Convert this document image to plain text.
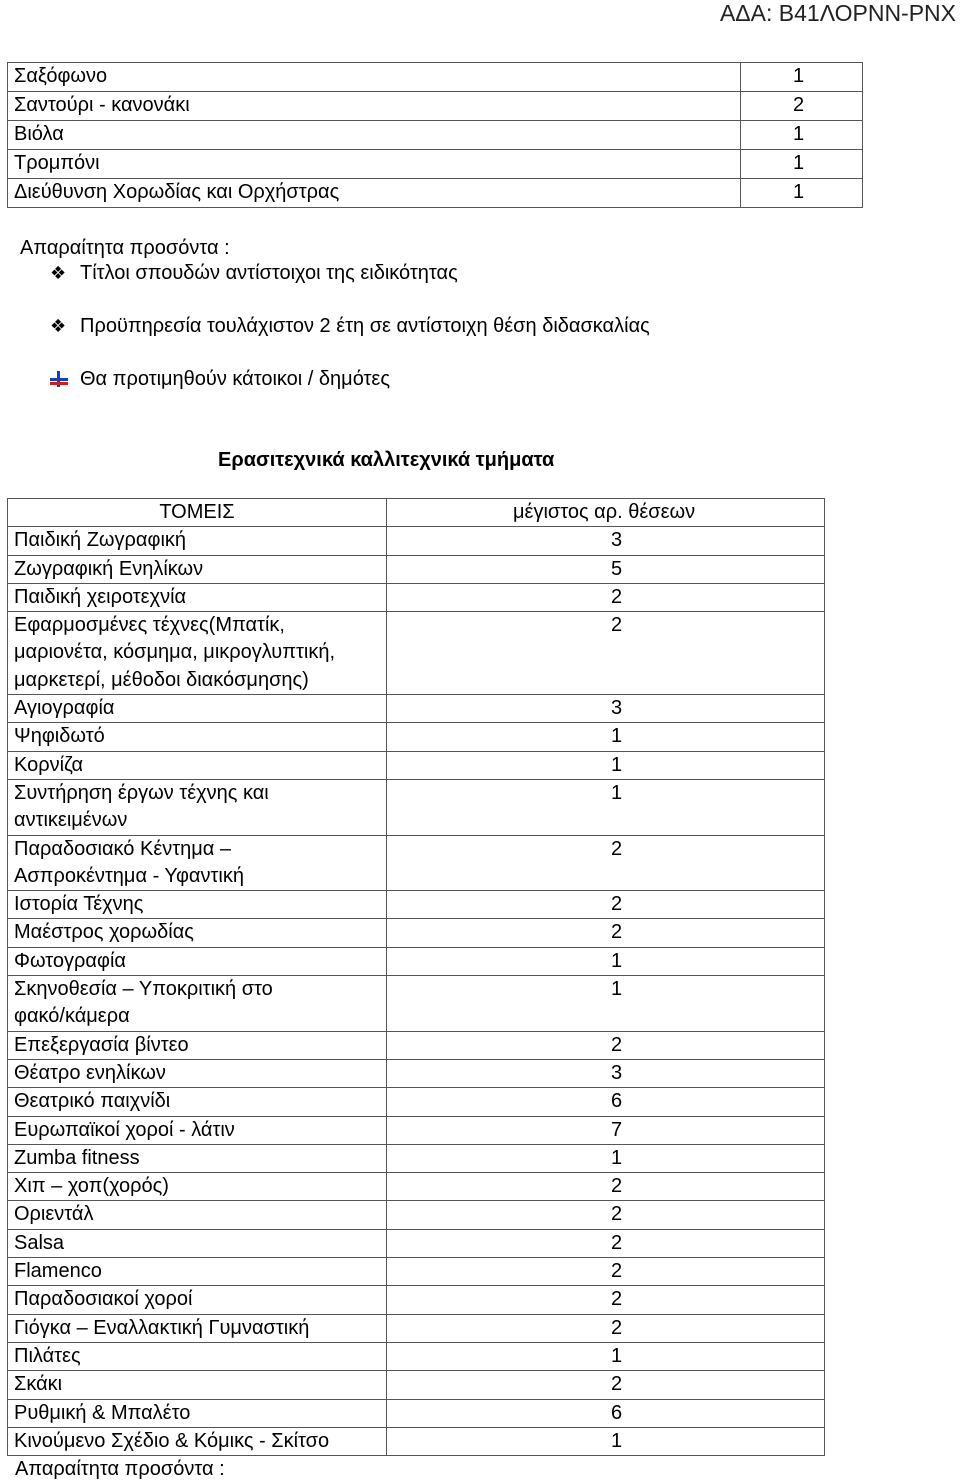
ΑΔΑ: Β41ΛΟΡΝΝ-ΡΝΧ
Σαξόφωνο	1
Σαντούρι - κανονάκι	2
Βιόλα	1
Τρομπόνι	1
Διεύθυνση Χορωδίας και Ορχήστρας	1
Απαραίτητα προσόντα :
❖ Τίτλοι σπουδών αντίστοιχοι της ειδικότητας
❖ Προϋπηρεσία τουλάχιστον 2 έτη σε αντίστοιχη θέση διδασκαλίας
Θα προτιμηθούν κάτοικοι / δημότες
Ερασιτεχνικά καλλιτεχνικά τμήματα
ΤΟΜΕΙΣ	μέγιστος αρ. θέσεων
Παιδική Ζωγραφική	3
Ζωγραφική Ενηλίκων	5
Παιδική χειροτεχνία	2
Εφαρμοσμένες τέχνες(Μπατίκ,
μαριονέτα, κόσμημα, μικρογλυπτική,
μαρκετερί, μέθοδοι διακόσμησης)	2
Αγιογραφία	3
Ψηφιδωτό	1
Κορνίζα	1
Συντήρηση έργων τέχνης και
αντικειμένων	1
Παραδοσιακό Κέντημα –
Ασπροκέντημα - Υφαντική	2
Ιστορία Τέχνης	2
Μαέστρος χορωδίας	2
Φωτογραφία	1
Σκηνοθεσία – Υποκριτική στο
φακό/κάμερα	1
Επεξεργασία βίντεο	2
Θέατρο ενηλίκων	3
Θεατρικό παιχνίδι	6
Ευρωπαϊκοί χοροί - λάτιν	7
Zumba fitness	1
Χιπ – χοπ(χορός)	2
Οριεντάλ	2
Salsa	2
Flamenco	2
Παραδοσιακοί χοροί	2
Γιόγκα – Εναλλακτική Γυμναστική	2
Πιλάτες	1
Σκάκι	2
Ρυθμική & Μπαλέτο	6
Κινούμενο Σχέδιο & Κόμικς - Σκίτσο	1
Απαραίτητα προσόντα :
